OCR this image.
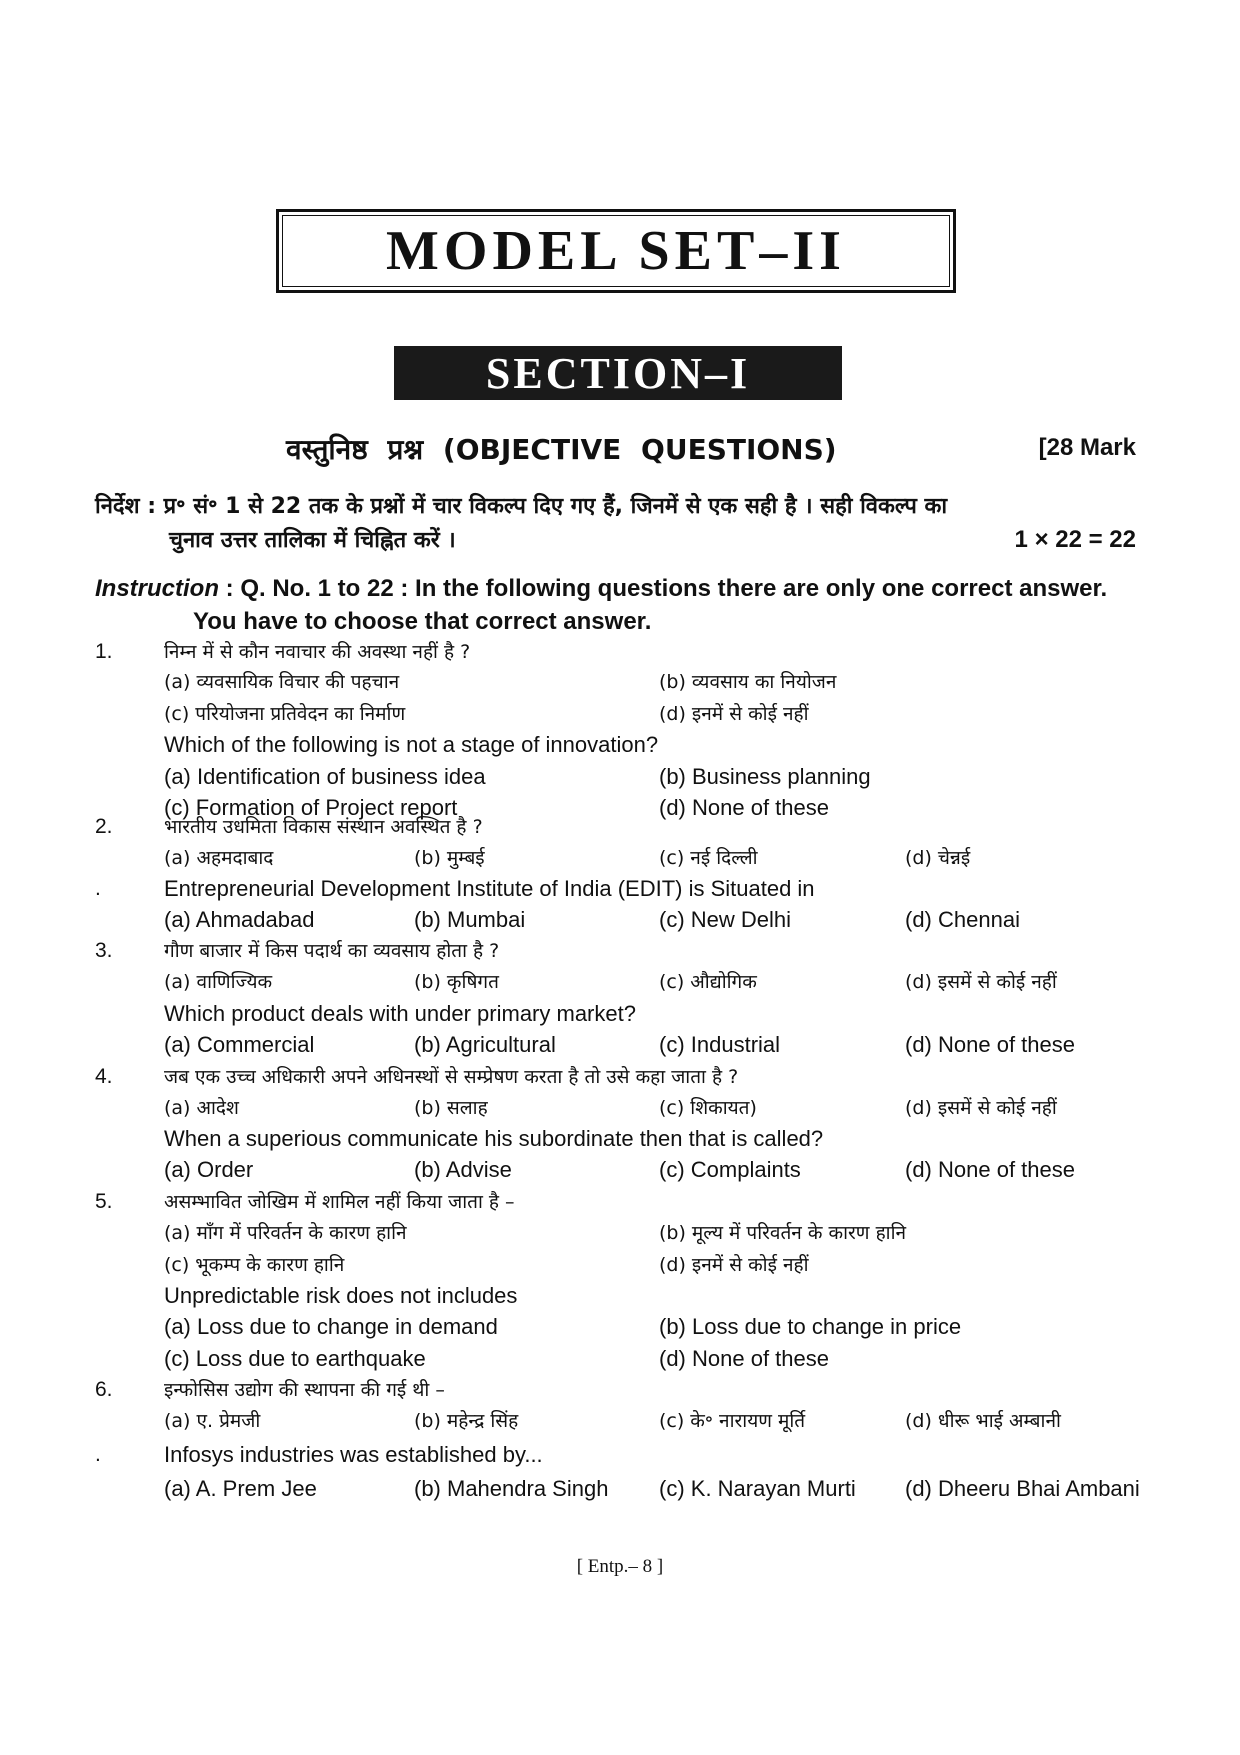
MODEL SET–II
SECTION–I
वस्तुनिष्ठ प्रश्न (OBJECTIVE QUESTIONS)	[28 Mark
निर्देश : प्र॰ सं॰ 1 से 22 तक के प्रश्नों में चार विकल्प दिए गए हैं, जिनमें से एक सही है । सही विकल्प का
चुनाव उत्तर तालिका में चिह्नित करें ।	1 × 22 = 22
Instruction : Q. No. 1 to 22 : In the following questions there are only one correct answer.
You have to choose that correct answer.
1.	निम्न में से कौन नवाचार की अवस्था नहीं है ?
(a) व्यवसायिक विचार की पहचान	(b) व्यवसाय का नियोजन
(c) परियोजना प्रतिवेदन का निर्माण	(d) इनमें से कोई नहीं
Which of the following is not a stage of innovation?
(a) Identification of business idea	(b) Business planning
(c) Formation of Project report	(d) None of these
2.	भारतीय उधमिता विकास संस्थान अवस्थित है ?
(a) अहमदाबाद	(b) मुम्बई	(c) नई दिल्ली	(d) चेन्नई
.	Entrepreneurial Development Institute of India (EDIT) is Situated in
(a) Ahmadabad	(b) Mumbai	(c) New Delhi	(d) Chennai
3.	गौण बाजार में किस पदार्थ का व्यवसाय होता है ?
(a) वाणिज्यिक	(b) कृषिगत	(c) औद्योगिक	(d) इसमें से कोई नहीं
Which product deals with under primary market?
(a) Commercial	(b) Agricultural	(c) Industrial	(d) None of these
4.	जब एक उच्च अधिकारी अपने अधिनस्थों से सम्प्रेषण करता है तो उसे कहा जाता है ?
(a) आदेश	(b) सलाह	(c) शिकायत)	(d) इसमें से कोई नहीं
When a superious communicate his subordinate then that is called?
(a) Order	(b) Advise	(c) Complaints	(d) None of these
5.	असम्भावित जोखिम में शामिल नहीं किया जाता है –
(a) माँग में परिवर्तन के कारण हानि	(b) मूल्य में परिवर्तन के कारण हानि
(c) भूकम्प के कारण हानि	(d) इनमें से कोई नहीं
Unpredictable risk does not includes
(a) Loss due to change in demand	(b) Loss due to change in price
(c) Loss due to earthquake	(d) None of these
6.	इन्फोसिस उद्योग की स्थापना की गई थी –
(a) ए. प्रेमजी	(b) महेन्द्र सिंह	(c) के॰ नारायण मूर्ति	(d) धीरू भाई अम्बानी
.	Infosys industries was established by...
(a) A. Prem Jee	(b) Mahendra Singh (c) K. Narayan Murti (d) Dheeru Bhai Ambani
[ Entp.– 8 ]
